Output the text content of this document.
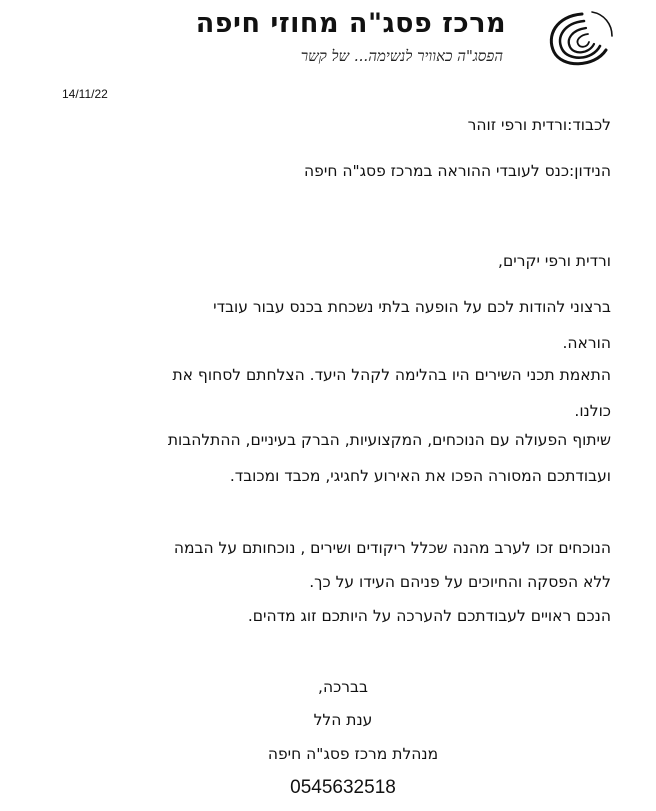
מרכז פסג"ה מחוזי חיפה
הפסג"ה כאוויר לנשימה... של קשר
14/11/22
לכבוד:ורדית ורפי זוהר
הנידון:כנס לעובדי ההוראה במרכז פסג"ה חיפה
ורדית ורפי יקרים,
ברצוני להודות לכם על הופעה בלתי נשכחת בכנס עבור עובדי
הוראה.
התאמת תכני השירים היו בהלימה לקהל היעד. הצלחתם לסחוף את
כולנו.
שיתוף הפעולה עם הנוכחים, המקצועיות, הברק בעיניים, ההתלהבות
ועבודתכם המסורה הפכו את האירוע לחגיגי, מכבד ומכובד.
הנוכחים זכו לערב מהנה שכלל ריקודים ושירים , נוכחותם על הבמה
ללא הפסקה והחיוכים על פניהם העידו על כך.
הנכם ראויים לעבודתכם להערכה על היותכם זוג מדהים.
בברכה,
ענת הלל
מנהלת מרכז פסג"ה חיפה
0545632518
